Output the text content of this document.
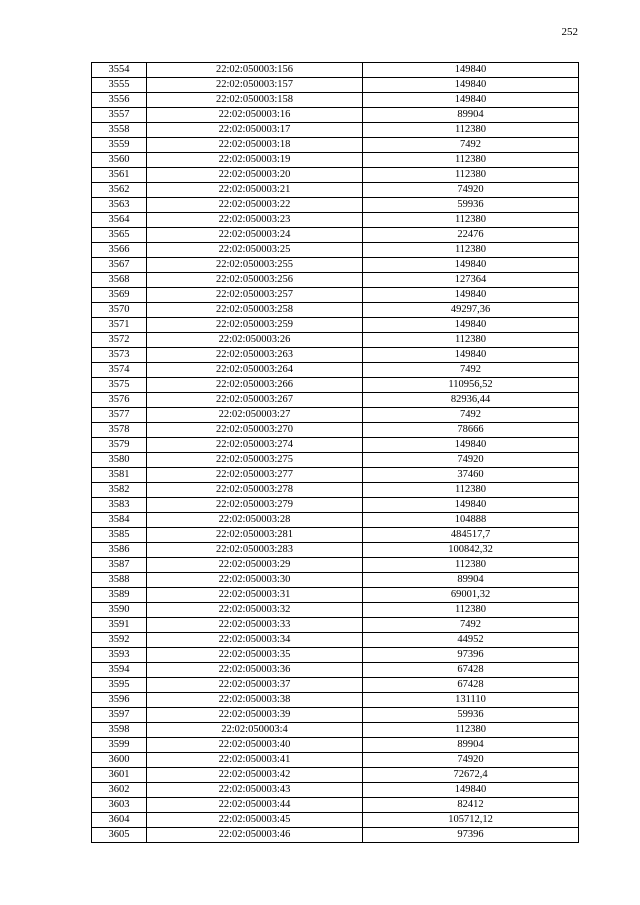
252
3554	22:02:050003:156	149840
3555	22:02:050003:157	149840
3556	22:02:050003:158	149840
3557	22:02:050003:16	89904
3558	22:02:050003:17	112380
3559	22:02:050003:18	7492
3560	22:02:050003:19	112380
3561	22:02:050003:20	112380
3562	22:02:050003:21	74920
3563	22:02:050003:22	59936
3564	22:02:050003:23	112380
3565	22:02:050003:24	22476
3566	22:02:050003:25	112380
3567	22:02:050003:255	149840
3568	22:02:050003:256	127364
3569	22:02:050003:257	149840
3570	22:02:050003:258	49297,36
3571	22:02:050003:259	149840
3572	22:02:050003:26	112380
3573	22:02:050003:263	149840
3574	22:02:050003:264	7492
3575	22:02:050003:266	110956,52
3576	22:02:050003:267	82936,44
3577	22:02:050003:27	7492
3578	22:02:050003:270	78666
3579	22:02:050003:274	149840
3580	22:02:050003:275	74920
3581	22:02:050003:277	37460
3582	22:02:050003:278	112380
3583	22:02:050003:279	149840
3584	22:02:050003:28	104888
3585	22:02:050003:281	484517,7
3586	22:02:050003:283	100842,32
3587	22:02:050003:29	112380
3588	22:02:050003:30	89904
3589	22:02:050003:31	69001,32
3590	22:02:050003:32	112380
3591	22:02:050003:33	7492
3592	22:02:050003:34	44952
3593	22:02:050003:35	97396
3594	22:02:050003:36	67428
3595	22:02:050003:37	67428
3596	22:02:050003:38	131110
3597	22:02:050003:39	59936
3598	22:02:050003:4	112380
3599	22:02:050003:40	89904
3600	22:02:050003:41	74920
3601	22:02:050003:42	72672,4
3602	22:02:050003:43	149840
3603	22:02:050003:44	82412
3604	22:02:050003:45	105712,12
3605	22:02:050003:46	97396
